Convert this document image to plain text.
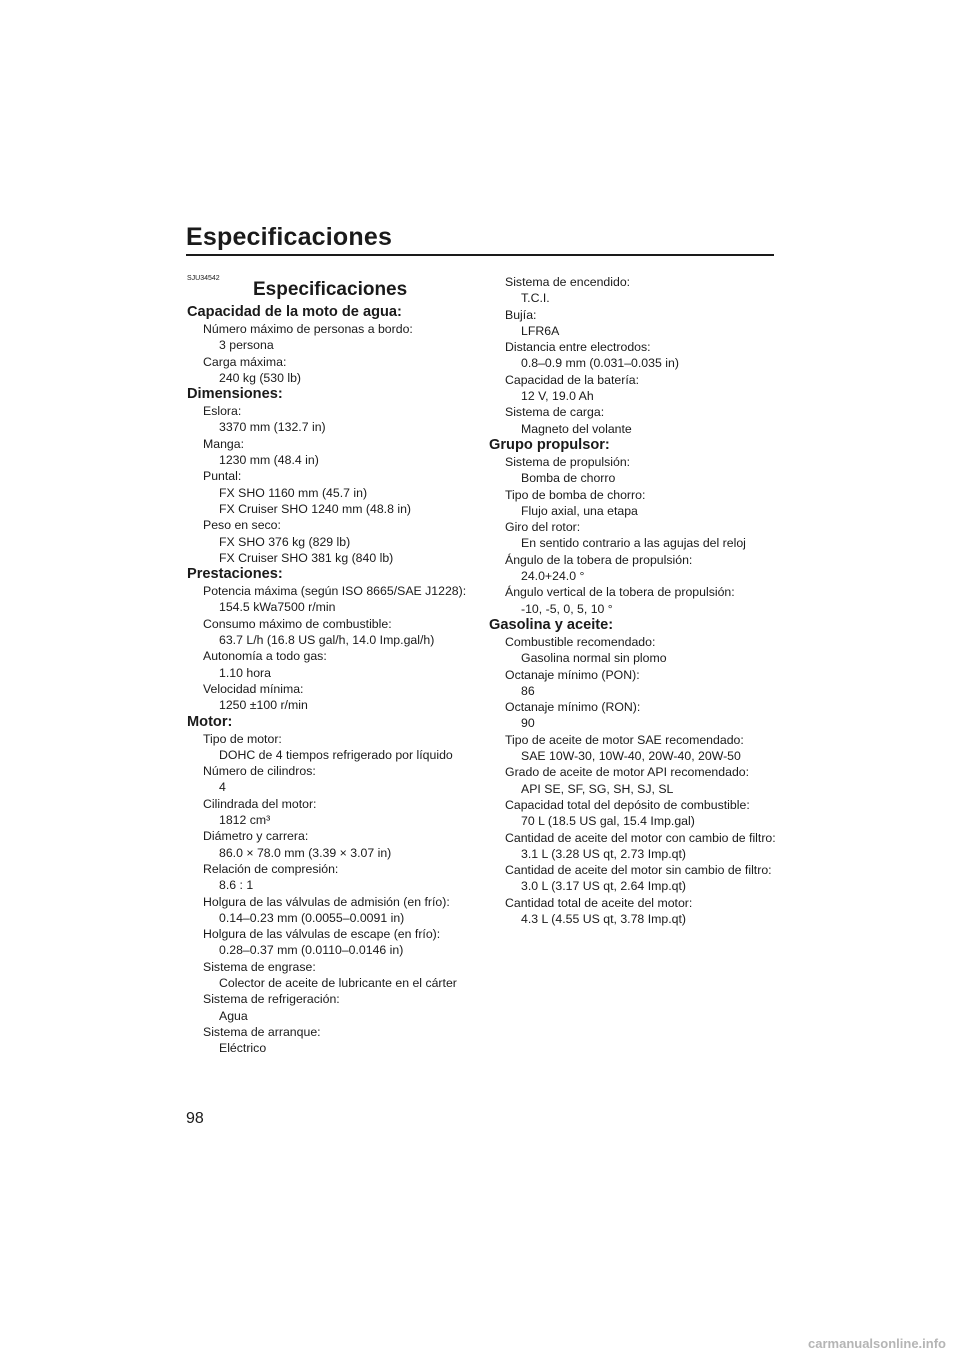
Especificaciones

SJU34542

Especificaciones

Capacidad de la moto de agua:

Número máximo de personas a bordo:

3 persona

Carga máxima:

240 kg (530 lb)

Dimensiones:

Eslora:

3370 mm (132.7 in)

Manga:

1230 mm (48.4 in)

Puntal:

FX SHO 1160 mm (45.7 in)

FX Cruiser SHO 1240 mm (48.8 in)

Peso en seco:

FX SHO 376 kg (829 lb)

FX Cruiser SHO 381 kg (840 lb)

Prestaciones:

Potencia máxima (según ISO 8665/SAE J1228):

154.5 kWa7500 r/min

Consumo máximo de combustible:

63.7 L/h (16.8 US gal/h, 14.0 Imp.gal/h)

Autonomía a todo gas:

1.10 hora

Velocidad mínima:

1250 ±100 r/min

Motor:

Tipo de motor:

DOHC de 4 tiempos refrigerado por líquido

Número de cilindros:

4

Cilindrada del motor:

1812 cm³

Diámetro y carrera:

86.0 × 78.0 mm (3.39 × 3.07 in)

Relación de compresión:

8.6 : 1

Holgura de las válvulas de admisión (en frío):

0.14–0.23 mm (0.0055–0.0091 in)

Holgura de las válvulas de escape (en frío):

0.28–0.37 mm (0.0110–0.0146 in)

Sistema de engrase:

Colector de aceite de lubricante en el cárter

Sistema de refrigeración:

Agua

Sistema de arranque:

Eléctrico

Sistema de encendido:

T.C.I.

Bujía:

LFR6A

Distancia entre electrodos:

0.8–0.9 mm (0.031–0.035 in)

Capacidad de la batería:

12 V, 19.0 Ah

Sistema de carga:

Magneto del volante

Grupo propulsor:

Sistema de propulsión:

Bomba de chorro

Tipo de bomba de chorro:

Flujo axial, una etapa

Giro del rotor:

En sentido contrario a las agujas del reloj

Ángulo de la tobera de propulsión:

24.0+24.0 °

Ángulo vertical de la tobera de propulsión:

-10, -5, 0, 5, 10 °

Gasolina y aceite:

Combustible recomendado:

Gasolina normal sin plomo

Octanaje mínimo (PON):

86

Octanaje mínimo (RON):

90

Tipo de aceite de motor SAE recomendado:

SAE 10W-30, 10W-40, 20W-40, 20W-50

Grado de aceite de motor API recomendado:

API SE, SF, SG, SH, SJ, SL

Capacidad total del depósito de combustible:

70 L (18.5 US gal, 15.4 Imp.gal)

Cantidad de aceite del motor con cambio de filtro:

3.1 L (3.28 US qt, 2.73 Imp.qt)

Cantidad de aceite del motor sin cambio de filtro:

3.0 L (3.17 US qt, 2.64 Imp.qt)

Cantidad total de aceite del motor:

4.3 L (4.55 US qt, 3.78 Imp.qt)

98
carmanualsonline.info
